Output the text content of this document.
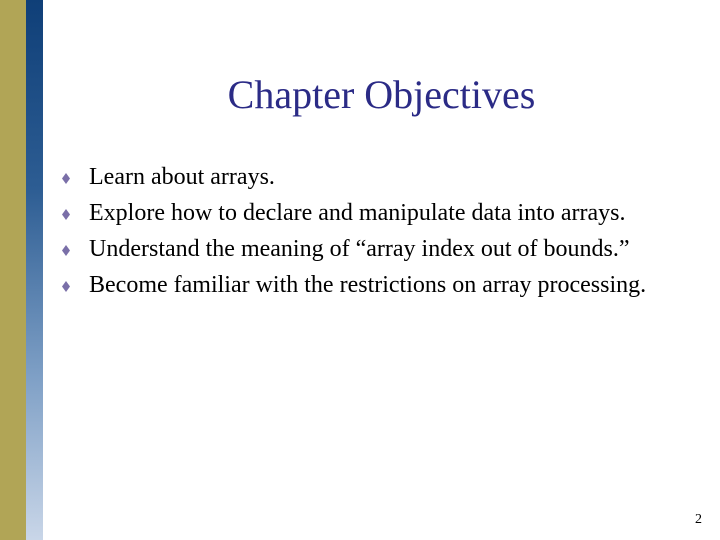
Chapter Objectives
Learn about arrays.
Explore how to declare and manipulate data into arrays.
Understand the meaning of “array index out of bounds.”
Become familiar with the restrictions on array processing.
2
